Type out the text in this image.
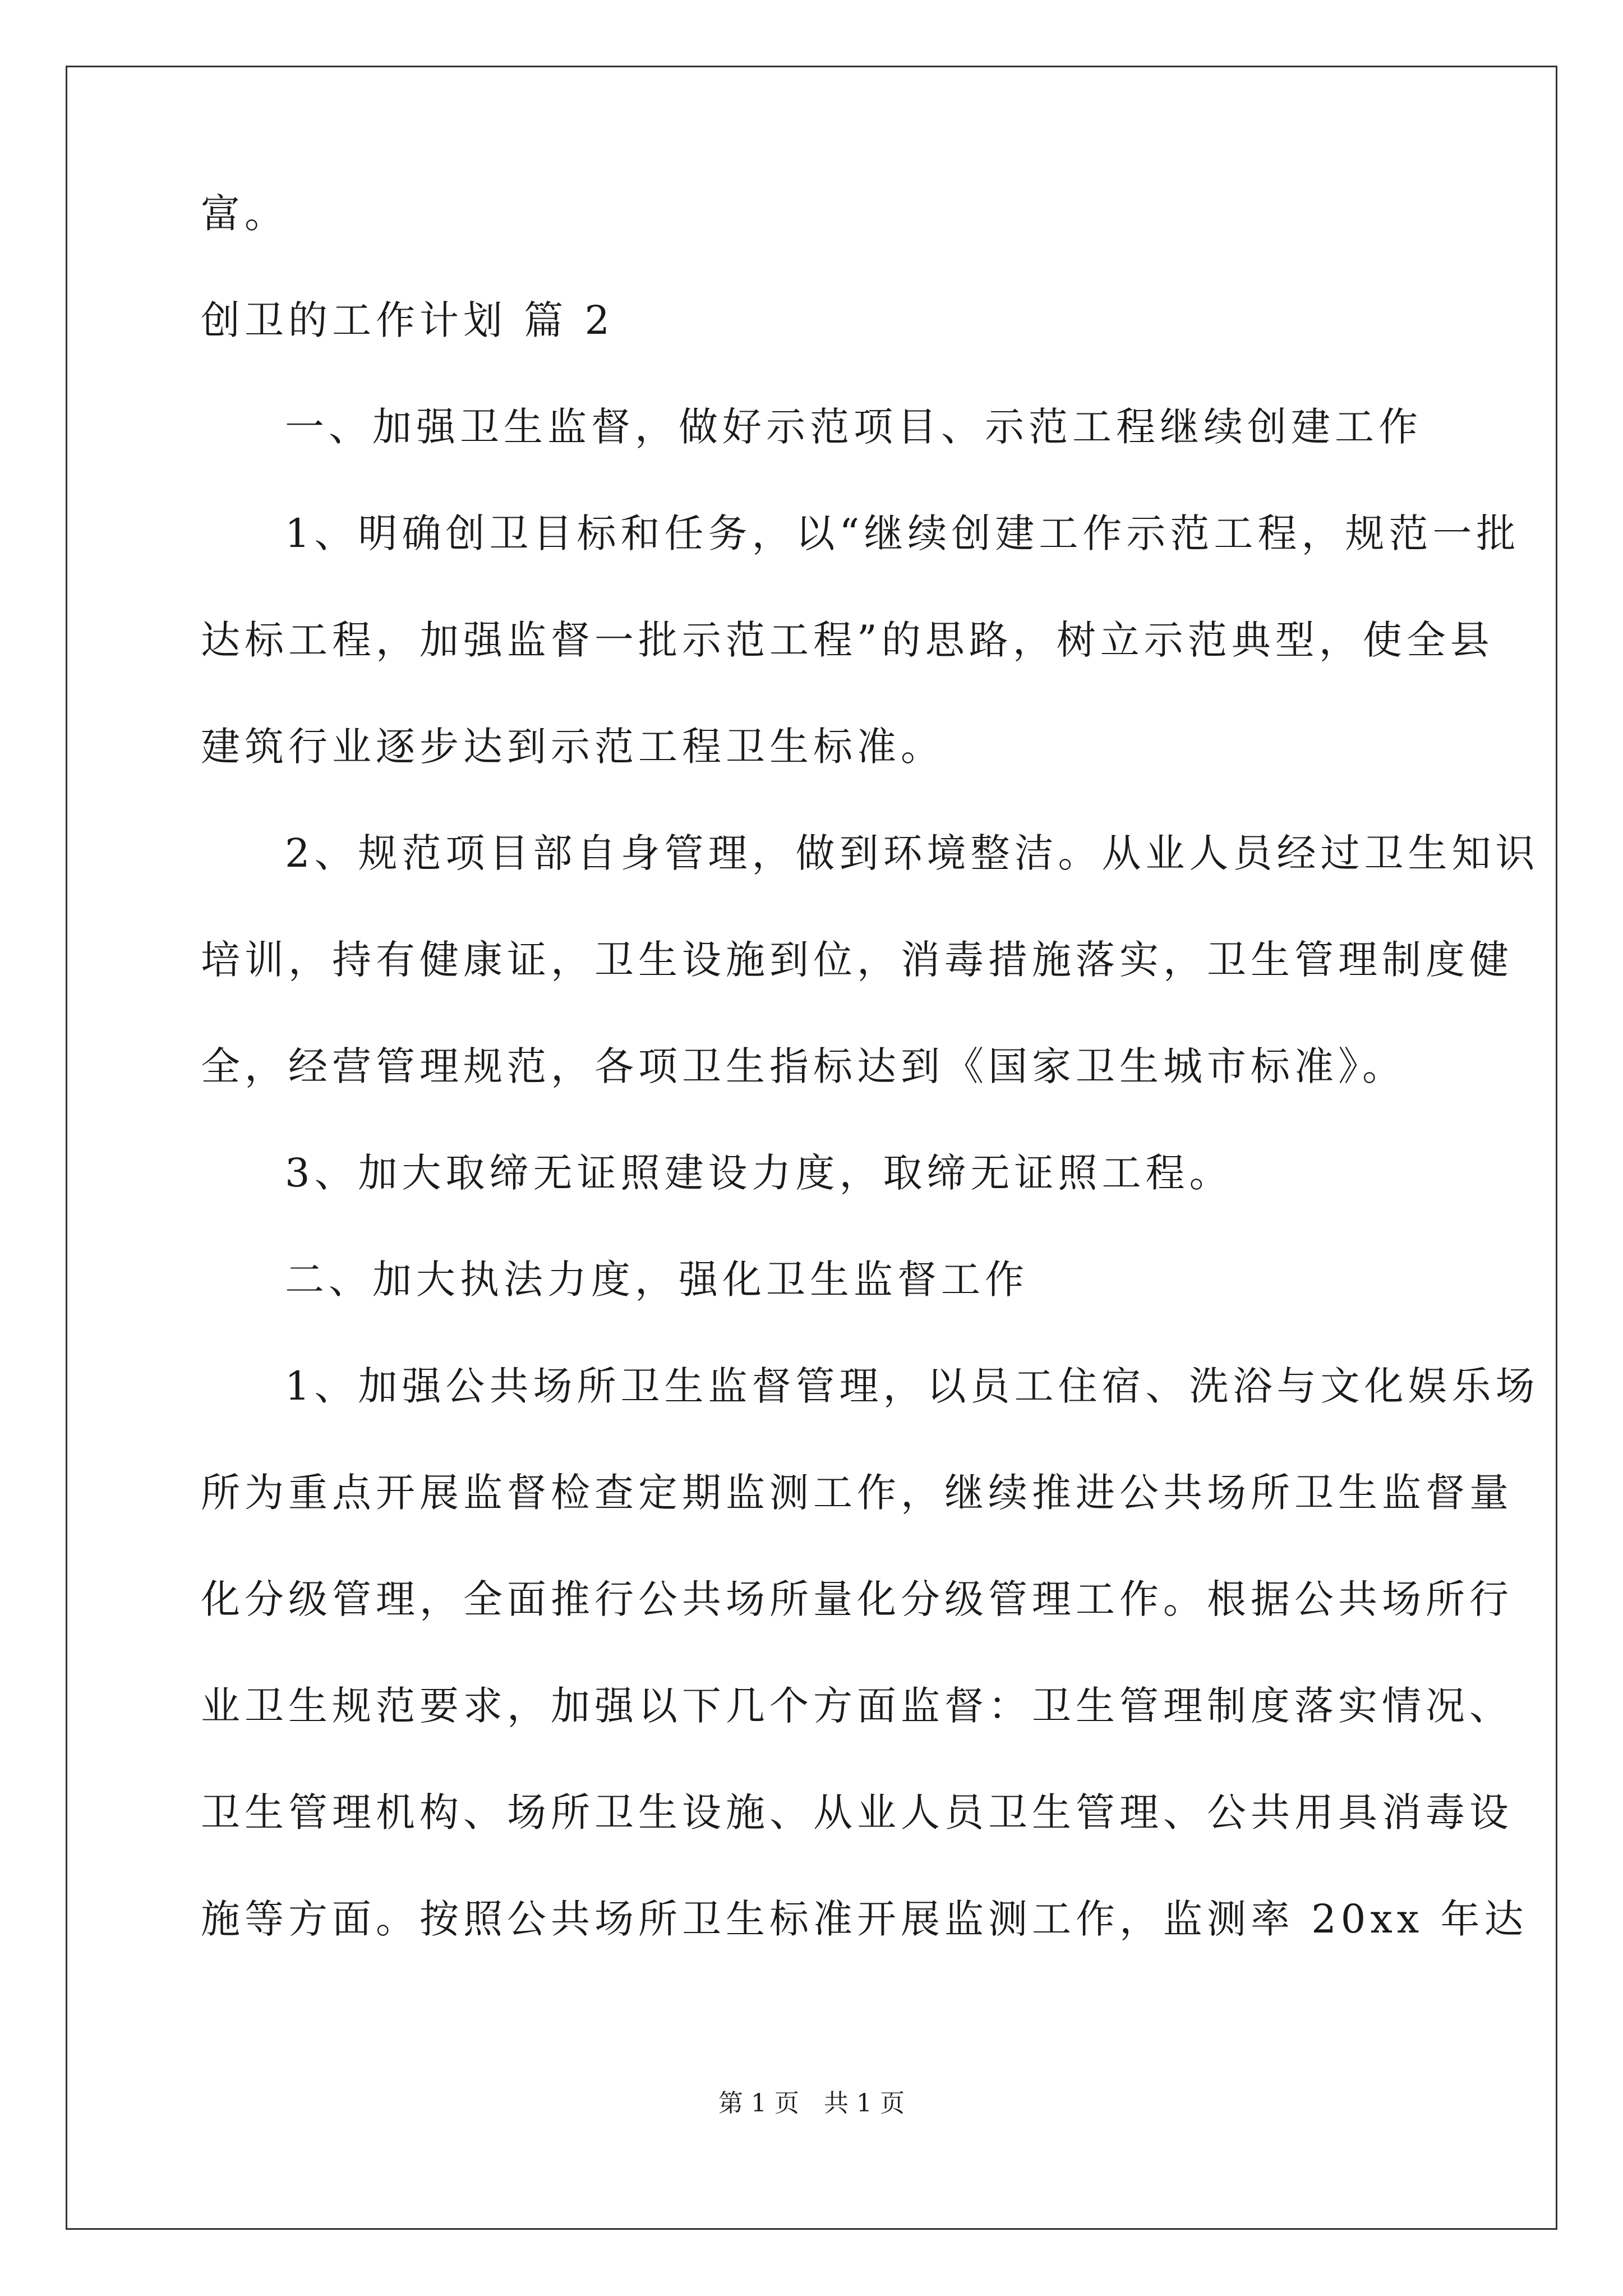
富。
创卫的工作计划 篇 2
一、加强卫生监督，做好示范项目、示范工程继续创建工作
1、明确创卫目标和任务，以“继续创建工作示范工程，规范一批
达标工程，加强监督一批示范工程”的思路，树立示范典型，使全县
建筑行业逐步达到示范工程卫生标准。
2、规范项目部自身管理，做到环境整洁。从业人员经过卫生知识
培训，持有健康证，卫生设施到位，消毒措施落实，卫生管理制度健
全，经营管理规范，各项卫生指标达到《国家卫生城市标准》。
3、加大取缔无证照建设力度，取缔无证照工程。
二、加大执法力度，强化卫生监督工作
1、加强公共场所卫生监督管理，以员工住宿、洗浴与文化娱乐场
所为重点开展监督检查定期监测工作，继续推进公共场所卫生监督量
化分级管理，全面推行公共场所量化分级管理工作。根据公共场所行
业卫生规范要求，加强以下几个方面监督：卫生管理制度落实情况、
卫生管理机构、场所卫生设施、从业人员卫生管理、公共用具消毒设
施等方面。按照公共场所卫生标准开展监测工作，监测率 20xx 年达
第 1 页　共 1 页
